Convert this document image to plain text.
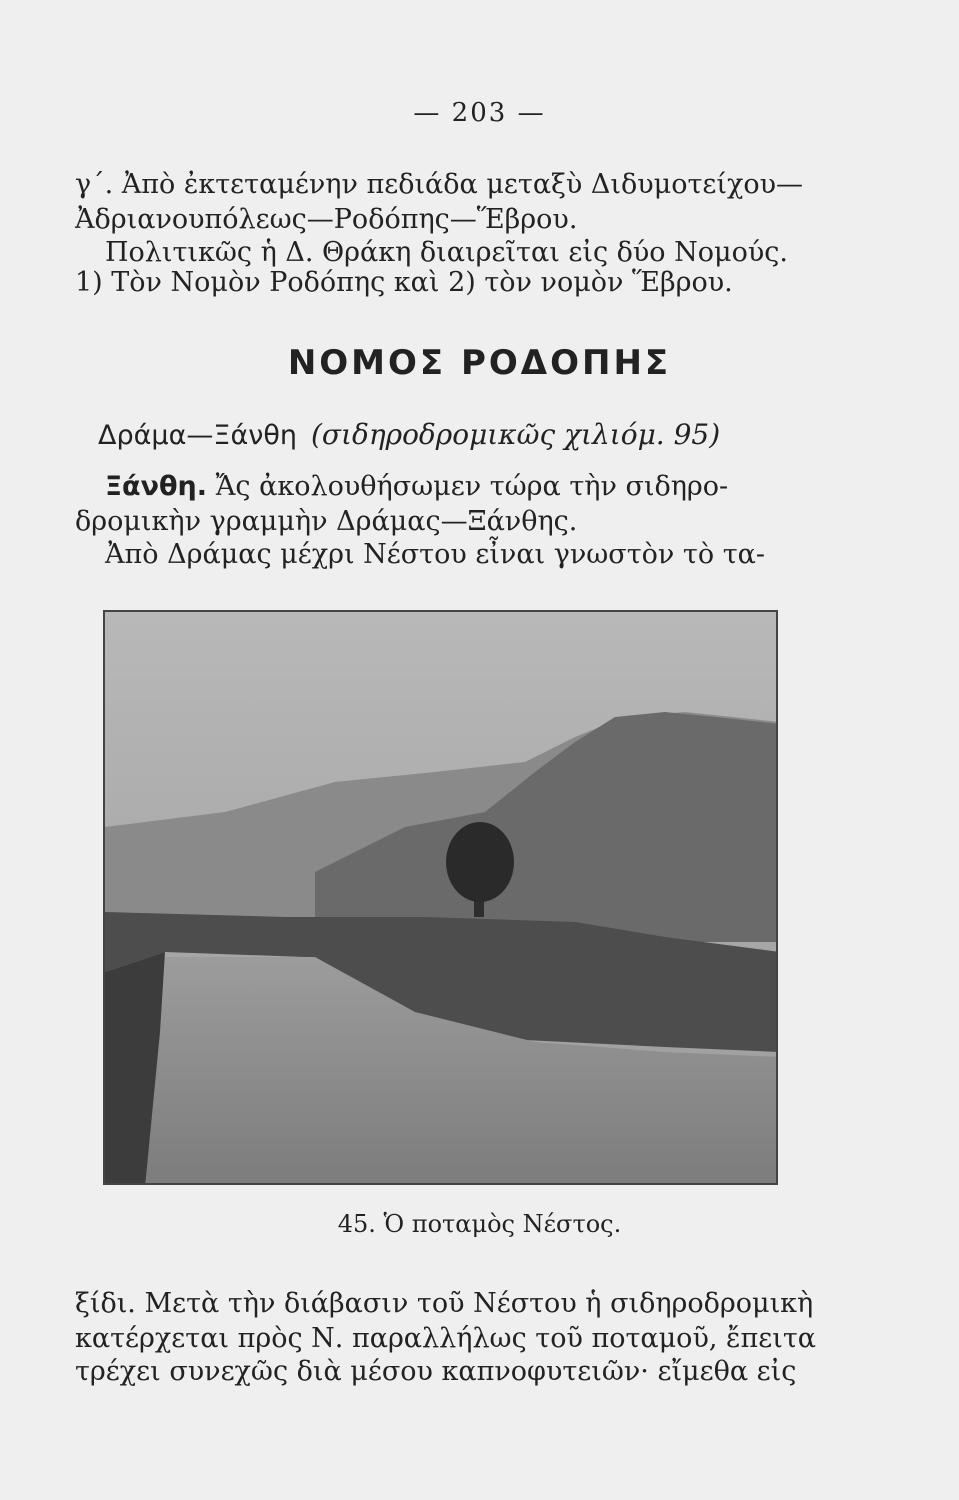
— 203 —
γ΄. Ἀπὸ ἐκτεταμένην πεδιάδα μεταξὺ Διδυμοτείχου—
Ἀδριανουπόλεως—Ροδόπης—Ἕβρου.
Πολιτικῶς ἡ Δ. Θράκη διαιρεῖται εἰς δύο Νομούς.
1) Τὸν Νομὸν Ροδόπης καὶ 2) τὸν νομὸν Ἕβρου.
ΝΟΜΟΣ ΡΟΔΟΠΗΣ
Δράμα—Ξάνθη (σιδηροδρομικῶς χιλιόμ. 95)
Ξάνθη. Ἄς ἀκολουθήσωμεν τώρα τὴν σιδηρο-
δρομικὴν γραμμὴν Δράμας—Ξάνθης.
Ἀπὸ Δράμας μέχρι Νέστου εἶναι γνωστὸν τὸ τα-
45. Ὁ ποταμὸς Νέστος.
ξίδι. Μετὰ τὴν διάβασιν τοῦ Νέστου ἡ σιδηροδρομικὴ
κατέρχεται πρὸς Ν. παραλλήλως τοῦ ποταμοῦ, ἔπειτα
τρέχει συνεχῶς διὰ μέσου καπνοφυτειῶν· εἴμεθα εἰς
